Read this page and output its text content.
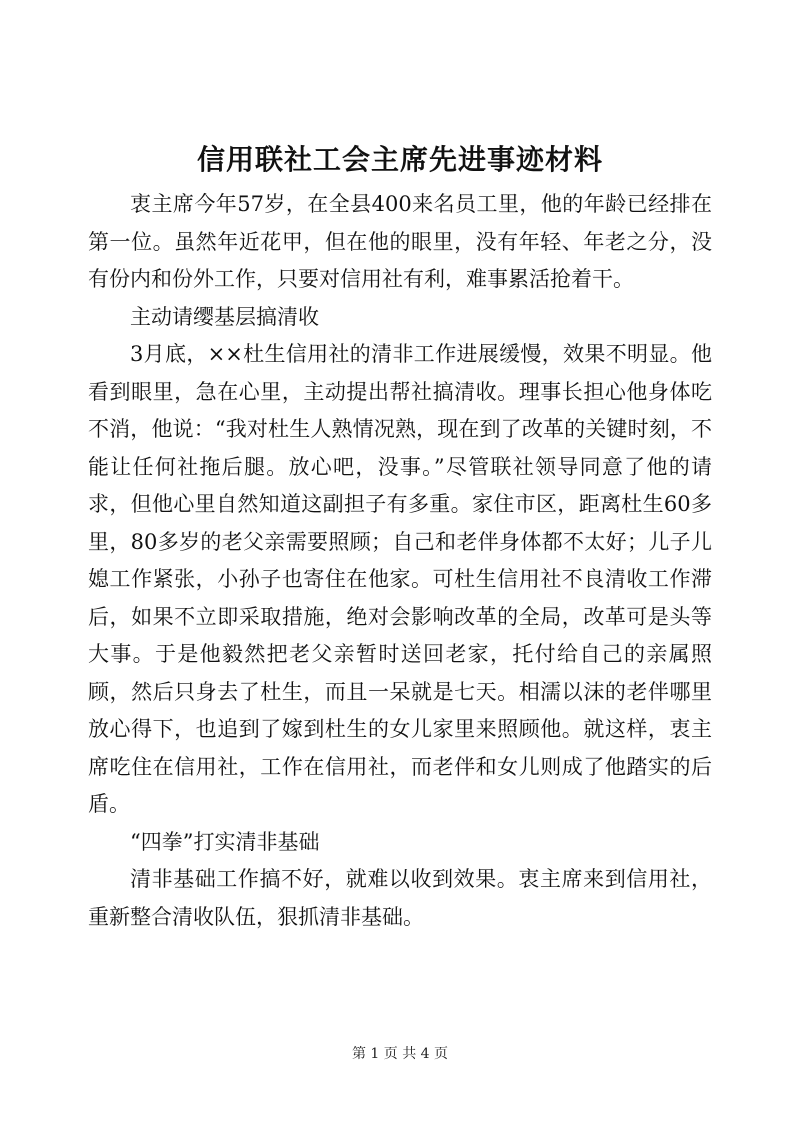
信用联社工会主席先进事迹材料

衷主席今年57岁，在全县400来名员工里，他的年龄已经排在第一位。虽然年近花甲，但在他的眼里，没有年轻、年老之分，没有份内和份外工作，只要对信用社有利，难事累活抢着干。

主动请缨基层搞清收

3月底，××杜生信用社的清非工作进展缓慢，效果不明显。他看到眼里，急在心里，主动提出帮社搞清收。理事长担心他身体吃不消，他说：“我对杜生人熟情况熟，现在到了改革的关键时刻，不能让任何社拖后腿。放心吧，没事。”尽管联社领导同意了他的请求，但他心里自然知道这副担子有多重。家住市区，距离杜生60多里，80多岁的老父亲需要照顾；自己和老伴身体都不太好；儿子儿媳工作紧张，小孙子也寄住在他家。可杜生信用社不良清收工作滞后，如果不立即采取措施，绝对会影响改革的全局，改革可是头等大事。于是他毅然把老父亲暂时送回老家，托付给自己的亲属照顾，然后只身去了杜生，而且一呆就是七天。相濡以沫的老伴哪里放心得下，也追到了嫁到杜生的女儿家里来照顾他。就这样，衷主席吃住在信用社，工作在信用社，而老伴和女儿则成了他踏实的后盾。

“四拳”打实清非基础

清非基础工作搞不好，就难以收到效果。衷主席来到信用社，重新整合清收队伍，狠抓清非基础。

第 1 页 共 4 页
